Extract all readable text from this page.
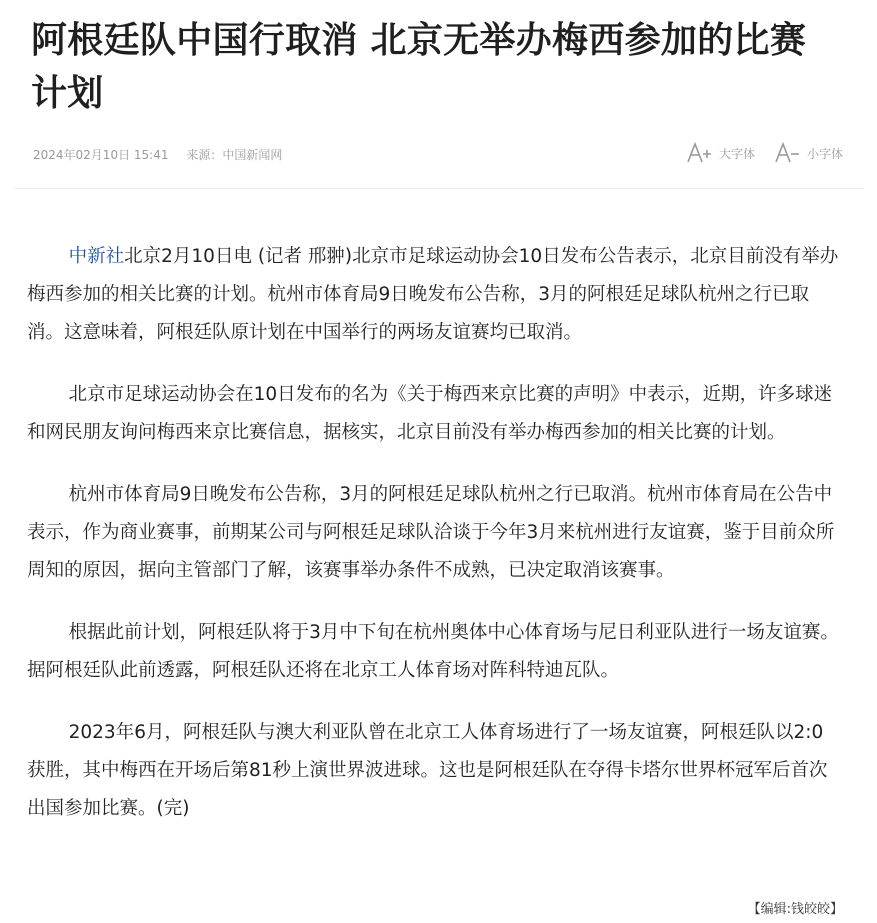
阿根廷队中国行取消 北京无举办梅西参加的比赛计划
2024年02月10日 15:41 来源：中国新闻网	大字体	小字体

中新社北京2月10日电 (记者 邢翀)北京市足球运动协会10日发布公告表示，北京目前没有举办梅西参加的相关比赛的计划。杭州市体育局9日晚发布公告称，3月的阿根廷足球队杭州之行已取消。这意味着，阿根廷队原计划在中国举行的两场友谊赛均已取消。

北京市足球运动协会在10日发布的名为《关于梅西来京比赛的声明》中表示，近期，许多球迷和网民朋友询问梅西来京比赛信息，据核实，北京目前没有举办梅西参加的相关比赛的计划。

杭州市体育局9日晚发布公告称，3月的阿根廷足球队杭州之行已取消。杭州市体育局在公告中表示，作为商业赛事，前期某公司与阿根廷足球队洽谈于今年3月来杭州进行友谊赛，鉴于目前众所周知的原因，据向主管部门了解，该赛事举办条件不成熟，已决定取消该赛事。

根据此前计划，阿根廷队将于3月中下旬在杭州奥体中心体育场与尼日利亚队进行一场友谊赛。据阿根廷队此前透露，阿根廷队还将在北京工人体育场对阵科特迪瓦队。

2023年6月，阿根廷队与澳大利亚队曾在北京工人体育场进行了一场友谊赛，阿根廷队以2:0获胜，其中梅西在开场后第81秒上演世界波进球。这也是阿根廷队在夺得卡塔尔世界杯冠军后首次出国参加比赛。(完)

【编辑:钱皎皎】
